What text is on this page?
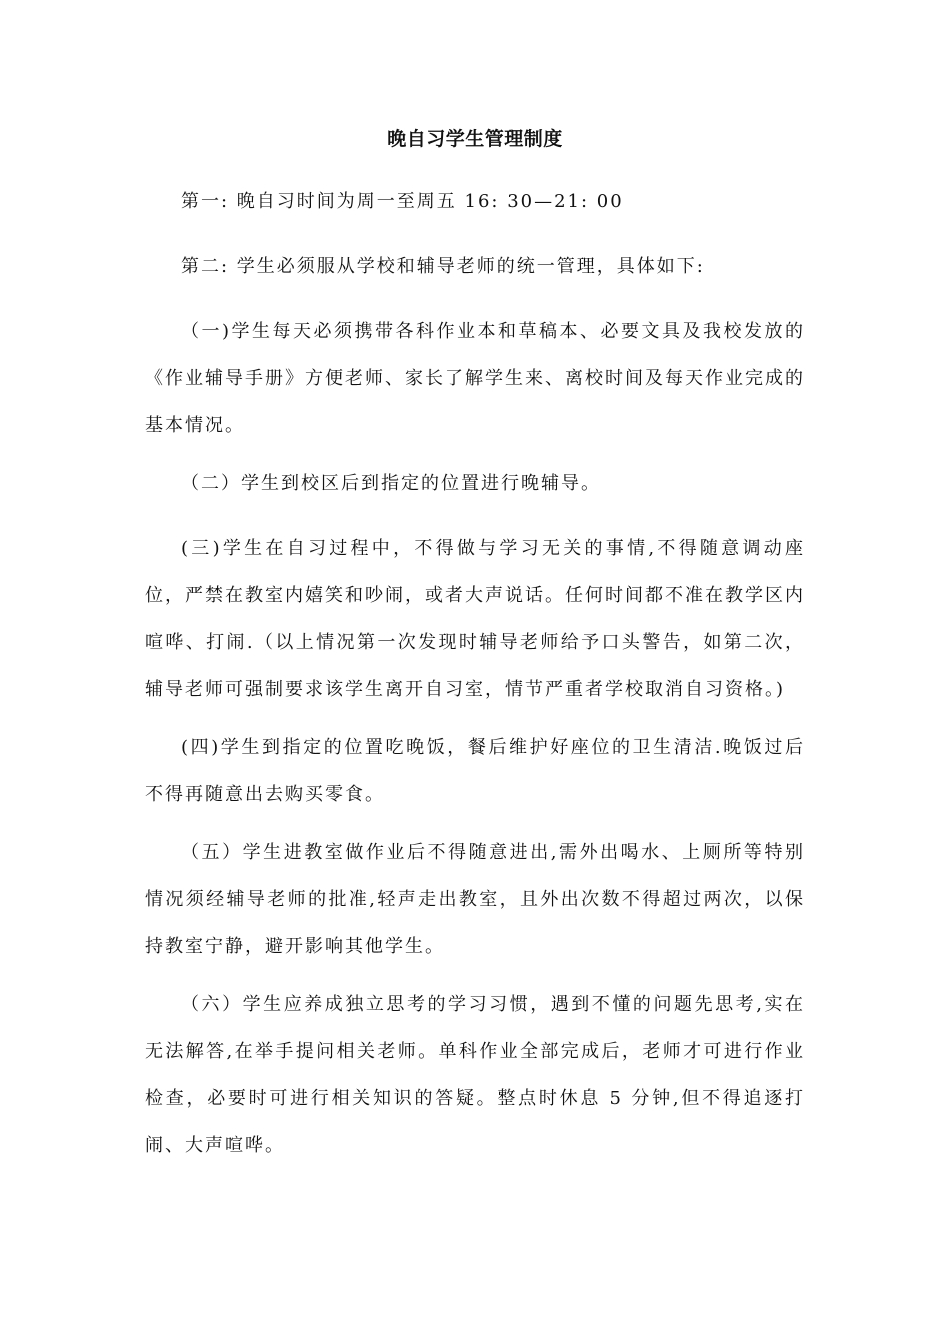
晚自习学生管理制度
第一: 晚自习时间为周一至周五 16: 30—21: 00
第二: 学生必须服从学校和辅导老师的统一管理，具体如下:
（一)学生每天必须携带各科作业本和草稿本、必要文具及我校发放的《作业辅导手册》方便老师、家长了解学生来、离校时间及每天作业完成的基本情况。
（二）学生到校区后到指定的位置进行晚辅导。
(三)学生在自习过程中，不得做与学习无关的事情,不得随意调动座位，严禁在教室内嬉笑和吵闹，或者大声说话。任何时间都不准在教学区内喧哗、打闹.（以上情况第一次发现时辅导老师给予口头警告，如第二次，辅导老师可强制要求该学生离开自习室，情节严重者学校取消自习资格。)
(四)学生到指定的位置吃晚饭，餐后维护好座位的卫生清洁.晚饭过后不得再随意出去购买零食。
（五）学生进教室做作业后不得随意进出,需外出喝水、上厕所等特别情况须经辅导老师的批准,轻声走出教室，且外出次数不得超过两次，以保持教室宁静，避开影响其他学生。
（六）学生应养成独立思考的学习习惯，遇到不懂的问题先思考,实在无法解答,在举手提问相关老师。单科作业全部完成后，老师才可进行作业检查，必要时可进行相关知识的答疑。整点时休息 5 分钟,但不得追逐打闹、大声喧哗。
